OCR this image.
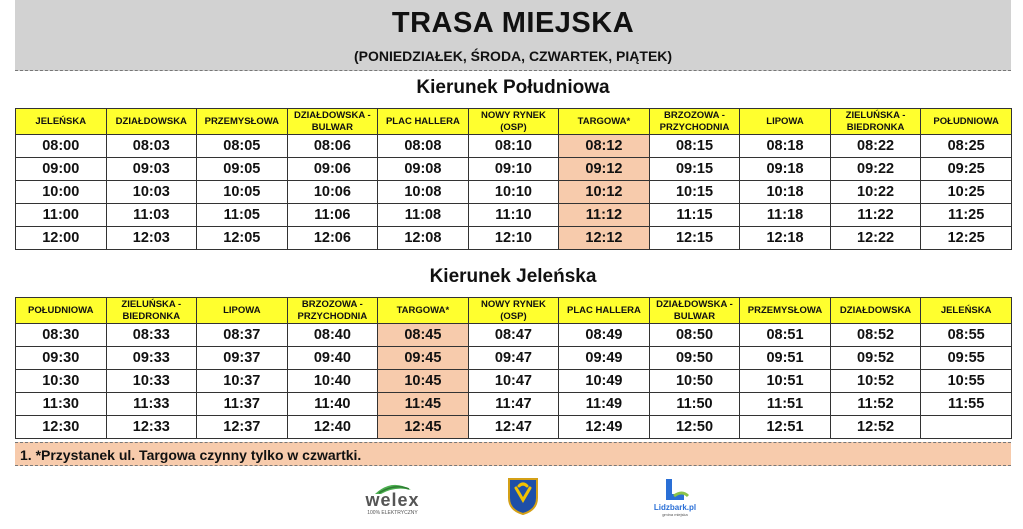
TRASA MIEJSKA
(PONIEDZIAŁEK, ŚRODA, CZWARTEK, PIĄTEK)
Kierunek Południowa
JELEŃSKA	DZIAŁDOWSKA	PRZEMYSŁOWA	DZIAŁDOWSKA - BULWAR	PLAC HALLERA	NOWY RYNEK (OSP)	TARGOWA*	BRZOZOWA - PRZYCHODNIA	LIPOWA	ZIELUŃSKA - BIEDRONKA	POŁUDNIOWA
08:00	08:03	08:05	08:06	08:08	08:10	08:12	08:15	08:18	08:22	08:25
09:00	09:03	09:05	09:06	09:08	09:10	09:12	09:15	09:18	09:22	09:25
10:00	10:03	10:05	10:06	10:08	10:10	10:12	10:15	10:18	10:22	10:25
11:00	11:03	11:05	11:06	11:08	11:10	11:12	11:15	11:18	11:22	11:25
12:00	12:03	12:05	12:06	12:08	12:10	12:12	12:15	12:18	12:22	12:25
Kierunek Jeleńska
POŁUDNIOWA	ZIELUŃSKA - BIEDRONKA	LIPOWA	BRZOZOWA - PRZYCHODNIA	TARGOWA*	NOWY RYNEK (OSP)	PLAC HALLERA	DZIAŁDOWSKA - BULWAR	PRZEMYSŁOWA	DZIAŁDOWSKA	JELEŃSKA
08:30	08:33	08:37	08:40	08:45	08:47	08:49	08:50	08:51	08:52	08:55
09:30	09:33	09:37	09:40	09:45	09:47	09:49	09:50	09:51	09:52	09:55
10:30	10:33	10:37	10:40	10:45	10:47	10:49	10:50	10:51	10:52	10:55
11:30	11:33	11:37	11:40	11:45	11:47	11:49	11:50	11:51	11:52	11:55
12:30	12:33	12:37	12:40	12:45	12:47	12:49	12:50	12:51	12:52	
1. *Przystanek ul. Targowa czynny tylko w czwartki.
welex
100% ELEKTRYCZNY
Lidzbark.pl
gmina miejska
